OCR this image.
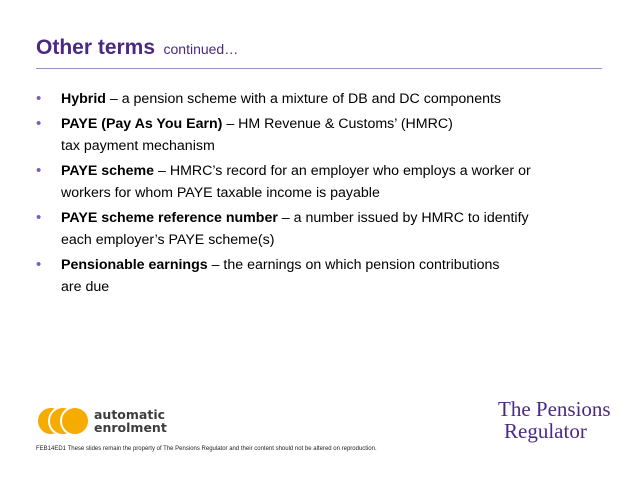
Other terms continued…
• Hybrid – a pension scheme with a mixture of DB and DC components
• PAYE (Pay As You Earn) – HM Revenue & Customs’ (HMRC)
tax payment mechanism
• PAYE scheme – HMRC’s record for an employer who employs a worker or
workers for whom PAYE taxable income is payable
• PAYE scheme reference number – a number issued by HMRC to identify
each employer’s PAYE scheme(s)
• Pensionable earnings – the earnings on which pension contributions
are due
automatic
enrolment
The Pensions
Regulator
FEB14ED1 These slides remain the property of The Pensions Regulator and their content should not be altered on reproduction.
